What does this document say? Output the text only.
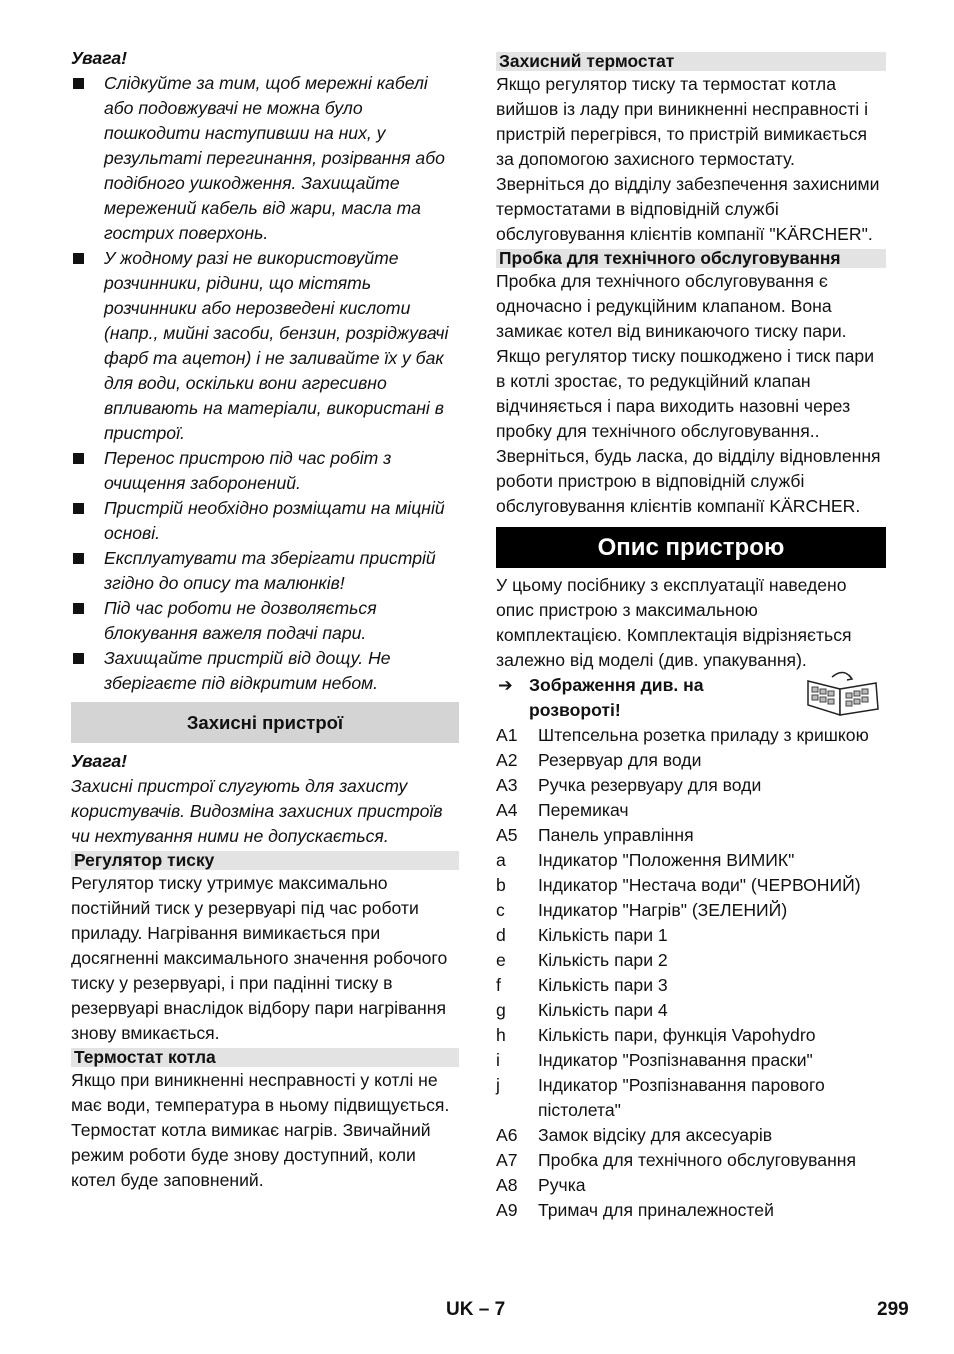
Увага!

Слідкуйте за тим, щоб мережні кабелі або подовжувачі не можна було пошкодити наступивши на них, у результаті перегинання, розірвання або подібного ушкодження. Захищайте мережений кабель від жари, масла та гострих поверхонь.
У жодному разі не використовуйте розчинники, рідини, що містять розчинники або нерозведені кислоти (напр., мийні засоби, бензин, розріджувачі фарб та ацетон) і не заливайте їх у бак для води, оскільки вони агресивно впливають на матеріали, використані в пристрої.
Перенос пристрою під час робіт з очищення заборонений.
Пристрій необхідно розміщати на міцній основі.
Експлуатувати та зберігати пристрій згідно до опису та малюнків!
Під час роботи не дозволяється блокування важеля подачі пари.
Захищайте пристрій від дощу. Не зберігаєте під відкритим небом.
Захисні пристрої

Увага!

Захисні пристрої слугують для захисту користувачів. Видозміна захисних пристроїв чи нехтування ними не допускається.

Регулятор тиску

Регулятор тиску утримує максимально постійний тиск у резервуарі під час роботи приладу. Нагрівання вимикається при досягненні максимального значення робочого тиску у резервуарі, і при падінні тиску в резервуарі внаслідок відбору пари нагрівання знову вмикається.

Термостат котла

Якщо при виникненні несправності у котлі не має води, температура в ньому підвищується. Термостат котла вимикає нагрів. Звичайний режим роботи буде знову доступний, коли котел буде заповнений.

Захисний термостат

Якщо регулятор тиску та термостат котла вийшов із ладу при виникненні несправності і пристрій перегрівся, то пристрій вимикається за допомогою захисного термостату. Зверніться до відділу забезпечення захисними термостатами в відповідній службі обслуговування клієнтів компанії "KÄRCHER".

Пробка для технічного обслуговування

Пробка для технічного обслуговування є одночасно і редукційним клапаном. Вона замикає котел від виникаючого тиску пари. Якщо регулятор тиску пошкоджено і тиск пари в котлі зростає, то редукційний клапан відчиняється і пара виходить назовні через пробку для технічного обслуговування.. Зверніться, будь ласка, до відділу відновлення роботи пристрою в відповідній службі обслуговування клієнтів компанії KÄRCHER.

Опис пристрою

У цьому посібнику з експлуатації наведено опис пристрою з максимальною комплектацією. Комплектація відрізняється залежно від моделі (див. упакування).

➔ Зображення див. на розвороті!
A1 Штепсельна розетка приладу з кришкою
A2 Резервуар для води
A3 Ручка резервуару для води
A4 Перемикач
A5 Панель управління
a Індикатор "Положення ВИМИК"
b Індикатор "Нестача води" (ЧЕРВОНИЙ)
c Індикатор "Нагрів" (ЗЕЛЕНИЙ)
d Кількість пари 1
e Кількість пари 2
f Кількість пари 3
g Кількість пари 4
h Кількість пари, функція Vapohydro
i Індикатор "Розпізнавання праски"
j Індикатор "Розпізнавання парового пістолета"
A6 Замок відсіку для аксесуарів
A7 Пробка для технічного обслуговування
A8 Ручка
A9 Тримач для приналежностей
UK – 7	299
